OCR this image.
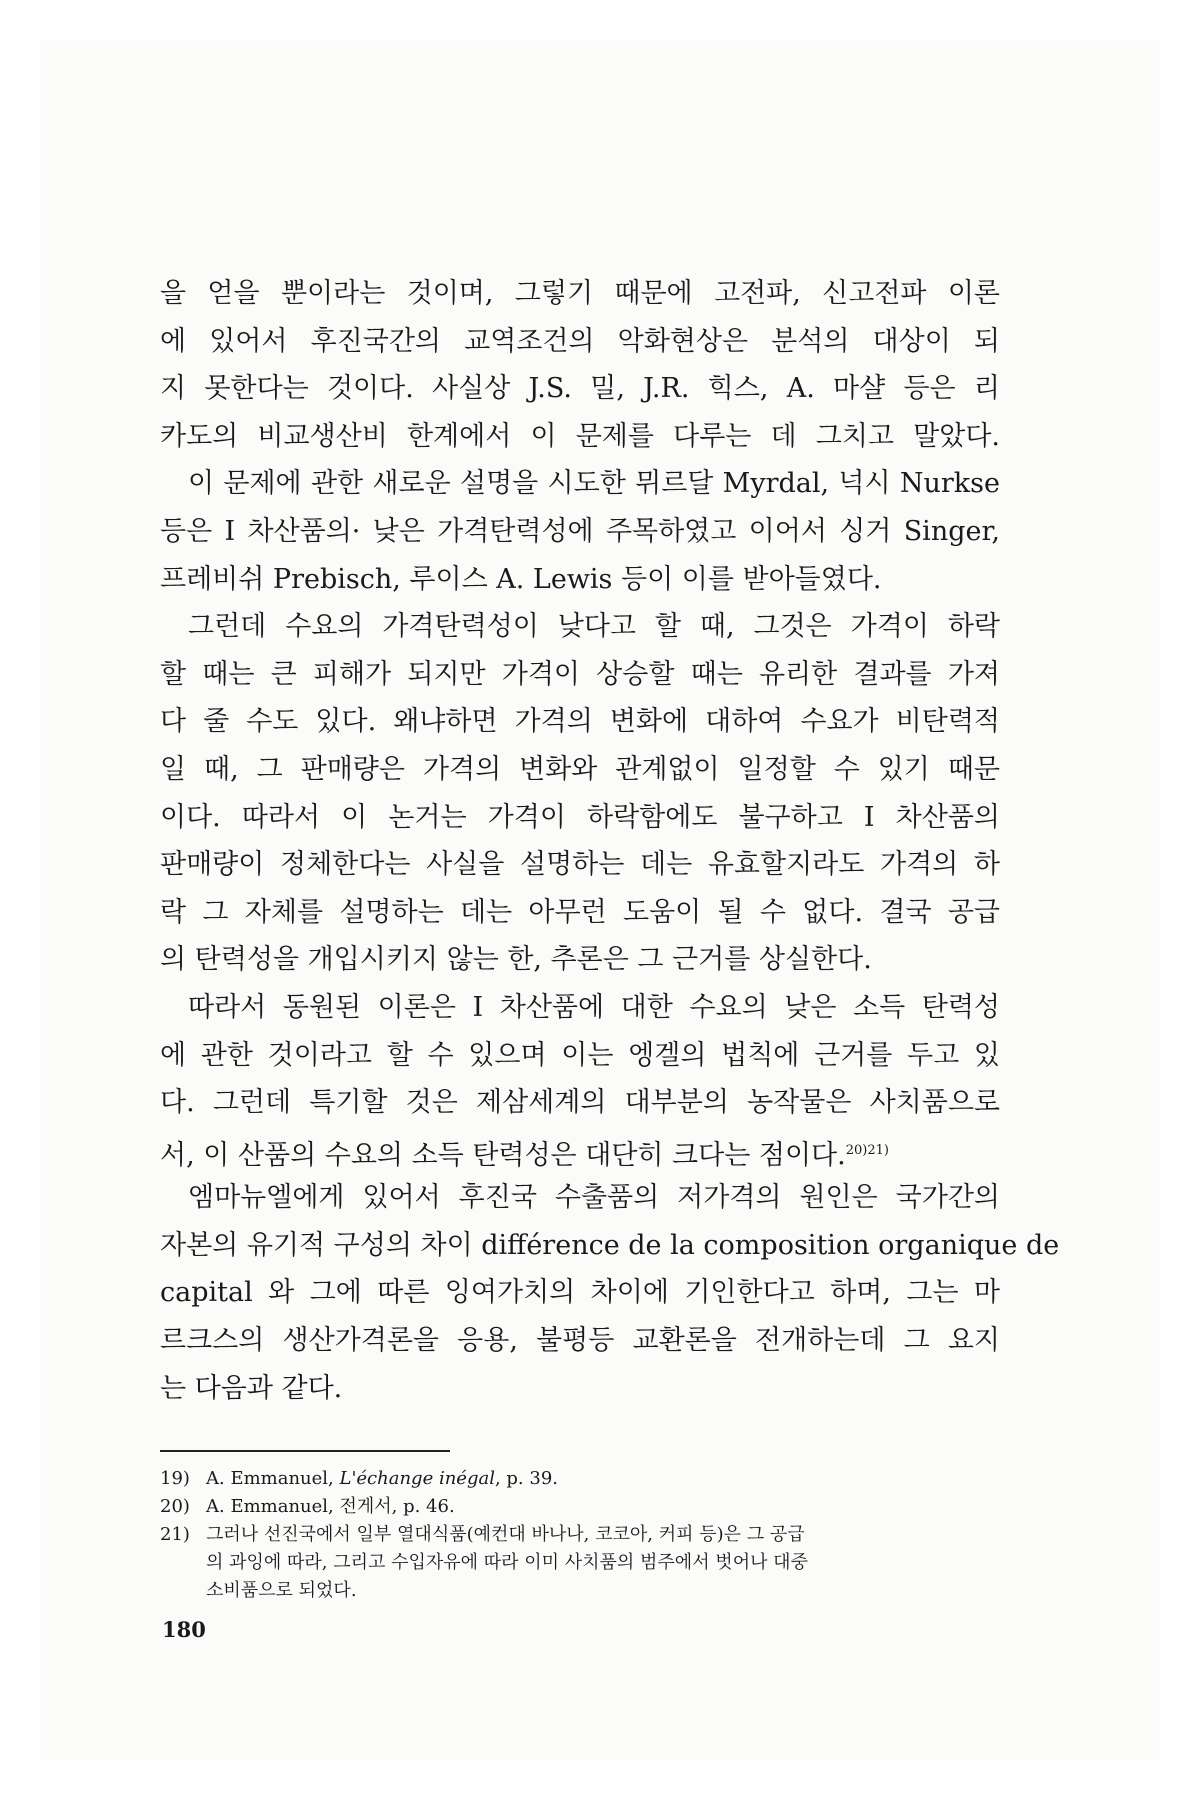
을 얻을 뿐이라는 것이며, 그렇기 때문에 고전파, 신고전파 이론
에 있어서 후진국간의 교역조건의 악화현상은 분석의 대상이 되
지 못한다는 것이다. 사실상 J.S. 밀, J.R. 힉스, A. 마샬 등은 리
카도의 비교생산비 한계에서 이 문제를 다루는 데 그치고 말았다.
이 문제에 관한 새로운 설명을 시도한 뮈르달 Myrdal, 넉시 Nurkse
등은 I 차산품의· 낮은 가격탄력성에 주목하였고 이어서 싱거 Singer,
프레비쉬 Prebisch, 루이스 A. Lewis 등이 이를 받아들였다.
그런데 수요의 가격탄력성이 낮다고 할 때, 그것은 가격이 하락
할 때는 큰 피해가 되지만 가격이 상승할 때는 유리한 결과를 가져
다 줄 수도 있다. 왜냐하면 가격의 변화에 대하여 수요가 비탄력적
일 때, 그 판매량은 가격의 변화와 관계없이 일정할 수 있기 때문
이다. 따라서 이 논거는 가격이 하락함에도 불구하고 I 차산품의
판매량이 정체한다는 사실을 설명하는 데는 유효할지라도 가격의 하
락 그 자체를 설명하는 데는 아무런 도움이 될 수 없다. 결국 공급
의 탄력성을 개입시키지 않는 한, 추론은 그 근거를 상실한다.
따라서 동원된 이론은 I 차산품에 대한 수요의 낮은 소득 탄력성
에 관한 것이라고 할 수 있으며 이는 엥겔의 법칙에 근거를 두고 있
다. 그런데 특기할 것은 제삼세계의 대부분의 농작물은 사치품으로
서, 이 산품의 수요의 소득 탄력성은 대단히 크다는 점이다.$^{20)21)}$
엠마뉴엘에게 있어서 후진국 수출품의 저가격의 원인은 국가간의
자본의 유기적 구성의 차이 différence de la composition organique de
capital 와 그에 따른 잉여가치의 차이에 기인한다고 하며, 그는 마
르크스의 생산가격론을 응용, 불평등 교환론을 전개하는데 그 요지
는 다음과 같다.
19) A. Emmanuel, L'échange inégal, p. 39.
20) A. Emmanuel, 전게서, p. 46.
21) 그러나 선진국에서 일부 열대식품(예컨대 바나나, 코코아, 커피 등)은 그 공급
의 과잉에 따라, 그리고 수입자유에 따라 이미 사치품의 범주에서 벗어나 대중
소비품으로 되었다.
180
